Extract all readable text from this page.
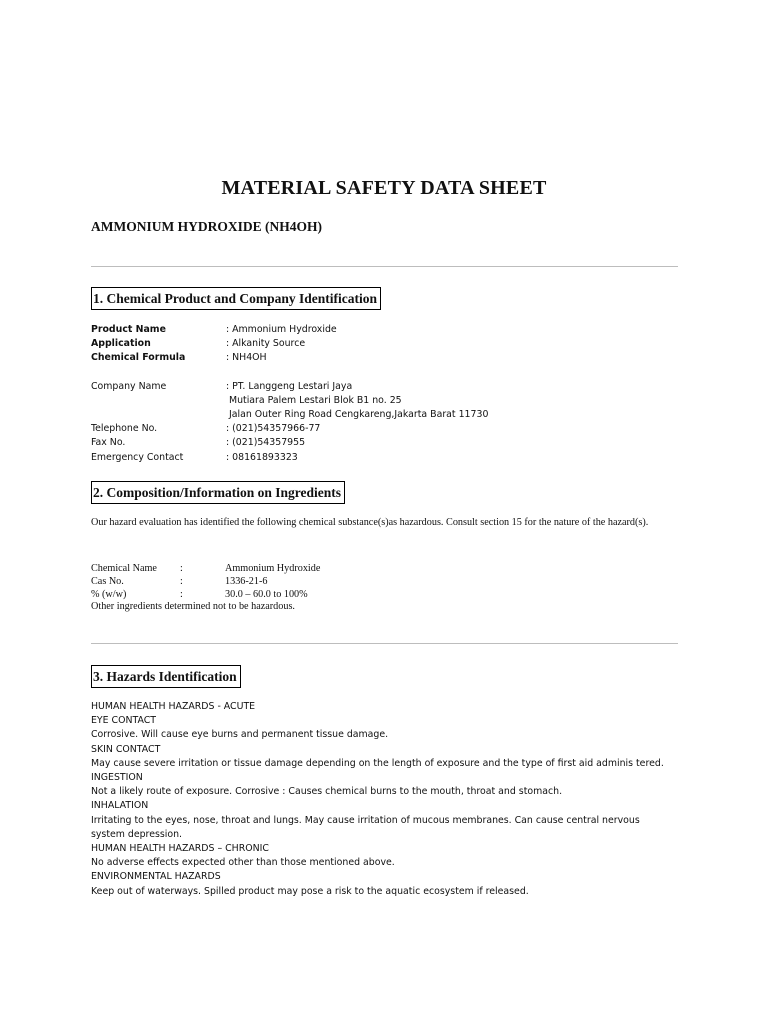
MATERIAL SAFETY DATA SHEET
AMMONIUM HYDROXIDE (NH4OH)
1. Chemical Product and Company Identification
Product Name	: Ammonium Hydroxide
Application	: Alkanity Source
Chemical Formula	: NH4OH
Company Name	: PT. Langgeng Lestari Jaya
Mutiara Palem Lestari Blok B1 no. 25
Jalan Outer Ring Road Cengkareng,Jakarta Barat 11730
Telephone No.	: (021)54357966-77
Fax No.	: (021)54357955
Emergency Contact	: 08161893323
2. Composition/Information on Ingredients
Our hazard evaluation has identified the following chemical substance(s)as hazardous. Consult section 15 for the nature of the hazard(s).
Chemical Name	:	Ammonium Hydroxide
Cas No.	:	1336-21-6
% (w/w)	:	30.0 – 60.0 to 100%
Other ingredients determined not to be hazardous.
3. Hazards Identification
HUMAN HEALTH HAZARDS - ACUTE
EYE CONTACT
Corrosive. Will cause eye burns and permanent tissue damage.
SKIN CONTACT
May cause severe irritation or tissue damage depending on the length of exposure and the type of first aid adminis tered.
INGESTION
Not a likely route of exposure. Corrosive : Causes chemical burns to the mouth, throat and stomach.
INHALATION
Irritating to the eyes, nose, throat and lungs. May cause irritation of mucous membranes. Can cause central nervous system depression.
HUMAN HEALTH HAZARDS – CHRONIC
No adverse effects expected other than those mentioned above.
ENVIRONMENTAL HAZARDS
Keep out of waterways. Spilled product may pose a risk to the aquatic ecosystem if released.
